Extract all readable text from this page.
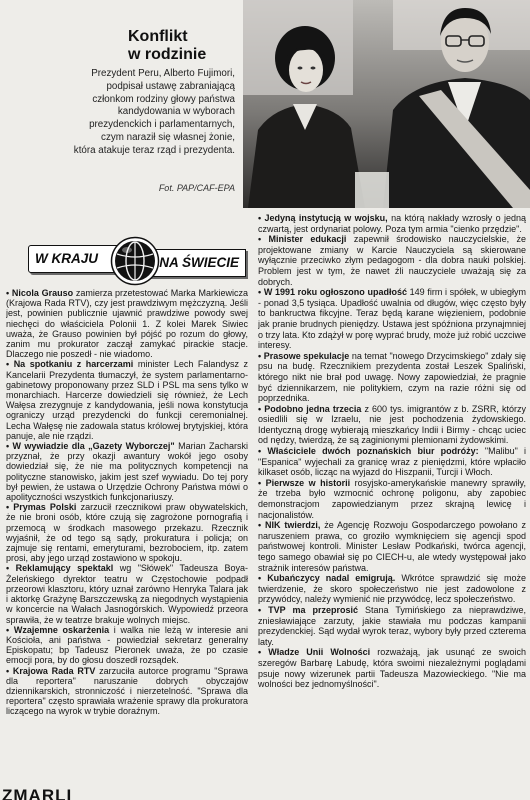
Konflikt
w rodzinie
Prezydent Peru, Alberto Fujimori,
podpisał ustawę zabraniającą
członkom rodziny głowy państwa
kandydowania w wyborach
prezydenckich i parlamentarnych,
czym naraził się własnej żonie,
która atakuje teraz rząd i prezydenta.
Fot. PAP/CAF-EPA
W KRAJU	NA ŚWIECIE

• Nicola Grauso zamierza przetestować Marka Markiewicza (Krajowa Rada RTV), czy jest prawdziwym mężczyzną. Jeśli jest, powinien publicznie ujawnić prawdziwe powody swej niechęci do właściciela Polonii 1. Z kolei Marek Siwiec uważa, że Grauso powinien był pójść po rozum do głowy, zanim mu prokurator zaczął zamykać pirackie stacje. Dlaczego nie poszedł - nie wiadomo.

• Na spotkaniu z harcerzami minister Lech Falandysz z Kancelarii Prezydenta tłumaczył, że system parlamentarno-gabinetowy proponowany przez SLD i PSL ma sens tylko w monarchiach. Harcerze dowiedzieli się również, że Lech Wałęsa zrezygnuje z kandydowania, jeśli nowa konstytucja ograniczy urząd prezydencki do funkcji ceremonialnej. Lecha Wałęsę nie zadowala status królowej brytyjskiej, która panuje, ale nie rządzi.

• W wywiadzie dla „Gazety Wyborczej" Marian Zacharski przyznał, że przy okazji awantury wokół jego osoby dowiedział się, że nie ma politycznych kompetencji na polityczne stanowisko, jakim jest szef wywiadu. Do tej pory był pewien, że ustawa o Urzędzie Ochrony Państwa mówi o apolityczności wszystkich funkcjonariuszy.

• Prymas Polski zarzucił rzecznikowi praw obywatelskich, że nie broni osób, które czują się zagrożone pornografią i przemocą w środkach masowego przekazu. Rzecznik wyjaśnił, że od tego są sądy, prokuratura i policja; on zajmuje się rentami, emeryturami, bezrobociem, itp. zatem prosi, aby jego urząd zostawiono w spokoju.

• Reklamujący spektakl wg "Słówek" Tadeusza Boya-Żeleńskiego dyrektor teatru w Częstochowie podpadł przeorowi klasztoru, który uznał zarówno Henryka Talara jak i aktorkę Grażynę Barszczewską za niegodnych wystąpienia w koncercie na Wałach Jasnogórskich. Wypowiedź przeora sprawiła, że w teatrze brakuje wolnych miejsc.

• Wzajemne oskarżenia i walka nie leżą w interesie ani Kościoła, ani państwa - powiedział sekretarz generalny Episkopatu; bp Tadeusz Pieronek uważa, że po czasie emocji pora, by do głosu doszedł rozsądek.

• Krajowa Rada RTV zarzuciła autorce programu "Sprawa dla reportera" naruszanie dobrych obyczajów dziennikarskich, stronniczość i nierzetelność. "Sprawa dla reportera" często sprawiała wrażenie sprawy dla prokuratora liczącego na wyrok w trybie doraźnym.

• Jedyną instytucją w wojsku, na którą nakłady wzrosły o jedną czwartą, jest ordynariat polowy. Poza tym armia "cienko przędzie".

• Minister edukacji zapewnił środowisko nauczycielskie, że projektowane zmiany w Karcie Nauczyciela są skierowane wyłącznie przeciwko złym pedagogom - dla dobra nauki polskiej. Problem jest w tym, że nawet źli nauczyciele uważają się za dobrych.

• W 1991 roku ogłoszono upadłość 149 firm i spółek, w ubiegłym - ponad 3,5 tysiąca. Upadłość uwalnia od długów, więc często były to bankructwa fikcyjne. Teraz będą karane więzieniem, podobnie jak pranie brudnych pieniędzy. Ustawa jest spóźniona przynajmniej o trzy lata. Kto zdążył w porę wyprać brudy, może już robić uczciwe interesy.

• Prasowe spekulacje na temat "nowego Drzycimskiego" zdały się psu na budę. Rzecznikiem prezydenta został Leszek Spaliński, którego nikt nie brał pod uwagę. Nowy zapowiedział, że pragnie być dziennikarzem, nie politykiem, czym na razie różni się od poprzednika.

• Podobno jedna trzecia z 600 tys. imigrantów z b. ZSRR, którzy osiedlili się w Izraelu, nie jest pochodzenia żydowskiego. Identyczną drogę wybierają mieszkańcy Indii i Birmy - chcąc uciec od nędzy, twierdzą, że są zaginionymi plemionami żydowskimi.

• Właściciele dwóch poznańskich biur podróży: "Malibu" i "Espanica" wyjechali za granicę wraz z pieniędzmi, które wpłaciło kilkaset osób, licząc na wyjazd do Hiszpanii, Turcji i Włoch.

• Pierwsze w historii rosyjsko-amerykańskie manewry sprawiły, że trzeba było wzmocnić ochronę poligonu, aby zapobiec demonstracjom zapowiedzianym przez skrajną lewicę i nacjonalistów.

• NIK twierdzi, że Agencję Rozwoju Gospodarczego powołano z naruszeniem prawa, co groziło wymknięciem się agencji spod państwowej kontroli. Minister Lesław Podkański, twórca agencji, tego samego obawiał się po CIECH-u, ale wtedy występował jako strażnik interesów państwa.

• Kubańczycy nadal emigrują. Wkrótce sprawdzić się może twierdzenie, że skoro społeczeństwo nie jest zadowolone z przywódcy, należy wymienić nie przywódcę, lecz społeczeństwo.

• TVP ma przeprosić Stana Tymińskiego za nieprawdziwe, zniesławiające zarzuty, jakie stawiała mu podczas kampanii prezydenckiej. Sąd wydał wyrok teraz, wybory były przed czterema laty.

• Władze Unii Wolności rozważają, jak usunąć ze swoich szeregów Barbarę Labudę, która swoimi niezależnymi poglądami psuje nowy wizerunek partii Tadeusza Mazowieckiego. "Nie ma wolności bez jednomyślności".

ZMARLI
